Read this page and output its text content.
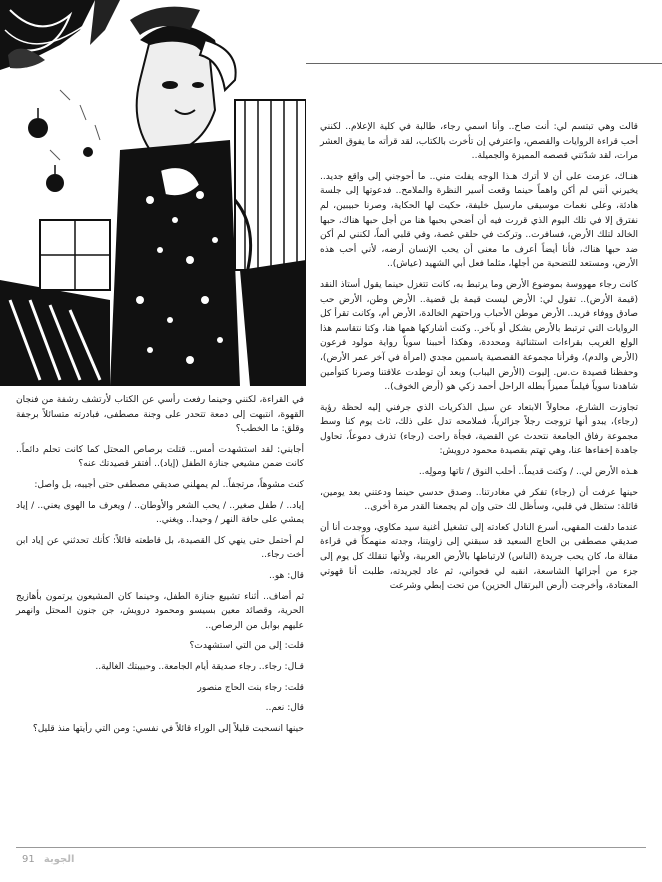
قالت وهي تبتسم لي: أنت صاح.. وأنا اسمي رجاء، طالبة في كلية الإعلام.. لكنني أحب قراءة الروايات والقصص، واعترفي إن تأخرت بالكتاب، لقد قرأته ما يفوق العشر مرات، لقد شدّتني قصصه المميزة والجميلة..

هنـاك، عزمت على أن لا أترك هـذا الوجه يفلت مني.. ما أحوجني إلى واقع جديد.. يخيرني أنني لم أكن واهماً حينما وقعت أسير النظرة والملامح.. فدعوتها إلى جلسة هادئة، وعلى نغمات موسيقى مارسيل خليفة، حكيت لها الحكاية، وصرنا حبيبين، لم نفترق إلا في تلك اليوم الذي قررت فيه أن أضحي بحبها هنا من أجل حبها هناك، حبها الخالد لتلك الأرض، فسافرت.. وتركت في حلقي غصة، وفي قلبي ألماً، لكنني لم أكن ضد حبها هناك، فأنا أيضاً أعرف ما معنى أن يحب الإنسان أرضه، لأني أحب هذه الأرض، ومستعد للتضحية من أجلها، مثلما فعل أبي الشهيد (عياش)..

كانت رجاء مهووسة بموضوع الأرض وما يرتبط به، كانت تتغزل حينما يقول أستاذ النقد (قيمة الأرض).. تقول لي: الأرض ليست قيمة بل قضية.. الأرض وطن، الأرض حب صادق ووفاء فريد.. الأرض موطن الأحباب وراحتهم الخالدة، الأرض أم، وكانت تقرأ كل الروايات التي ترتبط بالأرض بشكل أو بآخر.. وكنت أشاركها همها هنا، وكنا نتقاسم هذا الولع الغريب بقراءات استثنائية ومحددة، وهكذا أحببنا سوياً رواية مولود فرعون (الأرض والدم)، وقرأنا مجموعة القصصية ياسمين مجدي (امرأة في آخر عمر الأرض)، وحفظنا قصيدة ت.س. إليوت (الأرض اليباب) وبعد أن توطدت علاقتنا وصرنا كتوأمين شاهدنا سوياً فيلماً مميزاً بطله الراحل أحمد زكي هو (أرض الخوف)..

تجاوزت الشارع، محاولاً الابتعاد عن سيل الذكريات الذي جرفني إليه لحظة رؤية (رجاء)، يبدو أنها تزوجت رجلاً جزائرياً، فملامحه تدل على ذلك، ثاث يوم كنا وسط مجموعة رفاق الجامعة نتحدث عن القضية، فجأة راحت (رجاء) تذرف دموعاً، تحاول جاهدة إخفاءها عنا، وهي تهتم بقصيدة محمود درويش:

هـذه الأرض لي.. / وكنت قديماً.. أحلب النوق / تاتها ومولِه..

حينها عرفت أن (رجاء) تفكر في مغادرتنا.. وصدق حدسي حينما ودعتني بعد يومين، قائلة: ستظل في قلبي، وسأظل لك حتى وإن لم يجمعنا القدر مرة أخرى..

عندما دلفت المقهى، أسرع النادل كعادته إلى تشغيل أغنية سيد مكاوي، ووجدت أنا أن صديقي مصطفى بن الحاج السعيد قد سبقني إلى زاويتنا، وجدته منهمكاً في قراءة مقالة ما، كان يحب جريدة (الناس) لارتباطها بالأرض العربية، ولأنها تنقلك كل يوم إلى جزء من أجزائها الشاسعة، انقبه لي فحواني، ثم عاد لجريدته، طلبت أنا قهوتي المعتادة، وأخرجت (أرض البرتقال الحزين) من تحت إبطي وشرعت

في القراءة، لكنني وحينما رفعت رأسي عن الكتاب لأرتشف رشفة من فنجان القهوة، انتبهت إلى دمعة تتحدر على وجنة مصطفى، فبادرته متسائلاً برجفة وقلق: ما الخطب؟

أجابني: لقد استشهدت أمس.. قتلت برصاص المحتل كما كانت تحلم دائماً.. كانت ضمن مشيعي جنازة الطفل (إياد).. أفتقر قصيدتك عنه؟

كنت مشوهاً، مرتجفاً.. لم يمهلني صديقي مصطفى حتى أجيبه، بل واصل:

إياد.. / طفل صغير.. / يحب الشعر والأوطان.. / ويعرف ما الهوى يعني.. / إياد يمشي على حافة النهر / وحيدا.. ويغني..

لم أحتمل حتى ينهي كل القصيدة، بل قاطعته قائلاً: كأنك تحدثني عن إياد ابن أخت رجاء..

قال: هو..

ثم أضاف.. أثناء تشييع جنازة الطفل، وحينما كان المشيعون يرتمون بأهازيج الحرية، وقصائد معين بسيسو ومحمود درويش، جن جنون المحتل وانهمر عليهم بوابل من الرصاص..

قلت: إلى من التي استشهدت؟

قـال: رجاء.. رجاء صديقة أيام الجامعة.. وحبيبتك الغالية..

قلت: رجاء بنت الحاج منصور

قال: نعم..

حينها انسحبت قليلاً إلى الوراء قائلاً في نفسي: ومن التي رأيتها منذ قليل؟

الجوبة 91
